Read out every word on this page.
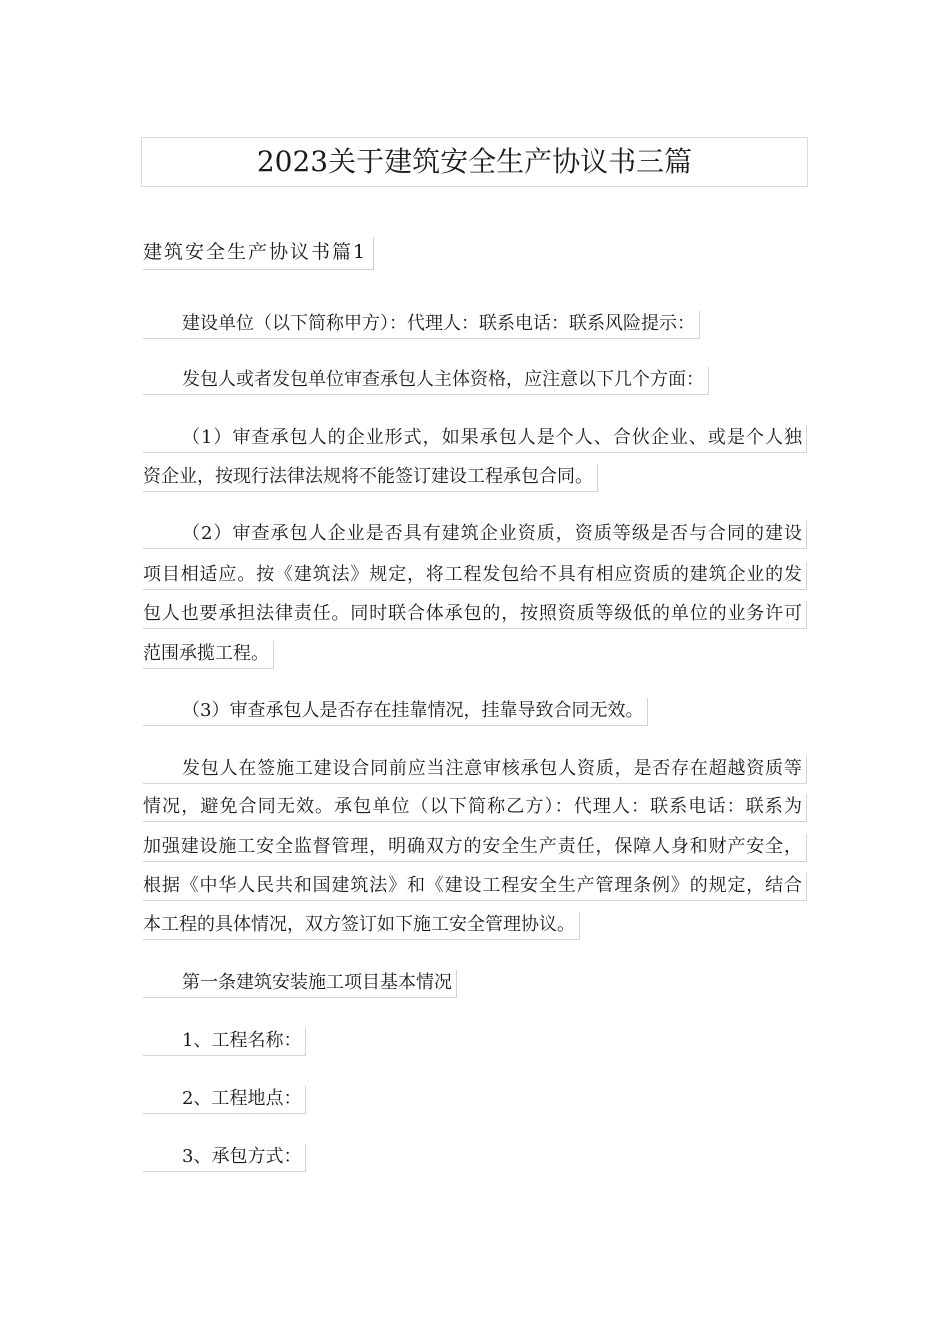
2023关于建筑安全生产协议书三篇
建筑安全生产协议书篇1
建设单位（以下简称甲方）：代理人：联系电话：联系风险提示：
发包人或者发包单位审查承包人主体资格，应注意以下几个方面：
（1）审查承包人的企业形式，如果承包人是个人、合伙企业、或是个人独
资企业，按现行法律法规将不能签订建设工程承包合同。
（2）审查承包人企业是否具有建筑企业资质，资质等级是否与合同的建设
项目相适应。按《建筑法》规定，将工程发包给不具有相应资质的建筑企业的发
包人也要承担法律责任。同时联合体承包的，按照资质等级低的单位的业务许可
范围承揽工程。
（3）审查承包人是否存在挂靠情况，挂靠导致合同无效。
发包人在签施工建设合同前应当注意审核承包人资质，是否存在超越资质等
情况，避免合同无效。承包单位（以下简称乙方）：代理人：联系电话：联系为
加强建设施工安全监督管理，明确双方的安全生产责任，保障人身和财产安全，
根据《中华人民共和国建筑法》和《建设工程安全生产管理条例》的规定，结合
本工程的具体情况，双方签订如下施工安全管理协议。
第一条建筑安装施工项目基本情况
1、工程名称：
2、工程地点：
3、承包方式：
